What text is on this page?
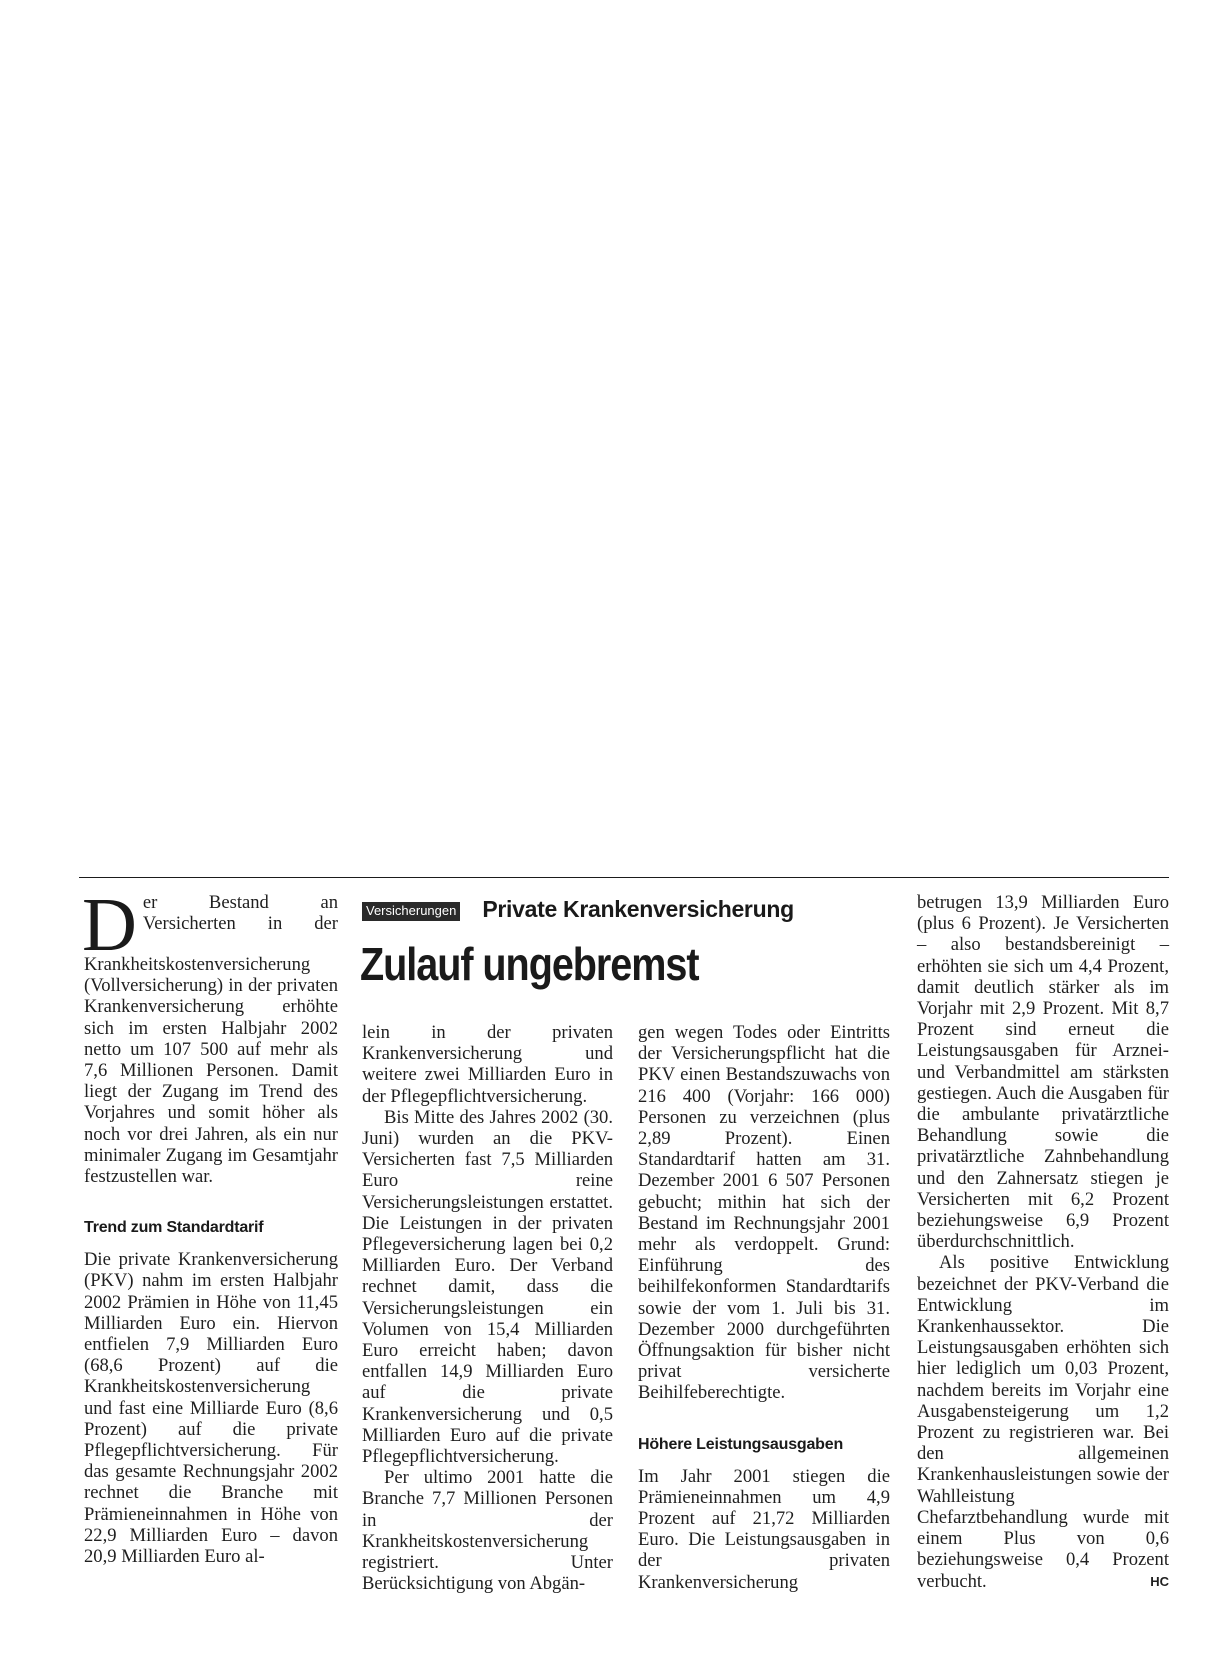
Versicherungen Private Krankenversicherung
Zulauf ungebremst

Der Bestand an Versicherten in der Krankheitskostenversicherung (Vollversicherung) in der privaten Krankenversicherung erhöhte sich im ersten Halbjahr 2002 netto um 107 500 auf mehr als 7,6 Millionen Personen. Damit liegt der Zugang im Trend des Vorjahres und somit höher als noch vor drei Jahren, als ein nur minimaler Zugang im Gesamtjahr festzustellen war.

Trend zum Standardtarif

Die private Krankenversicherung (PKV) nahm im ersten Halbjahr 2002 Prämien in Höhe von 11,45 Milliarden Euro ein. Hiervon entfielen 7,9 Milliarden Euro (68,6 Prozent) auf die Krankheitskostenversicherung und fast eine Milliarde Euro (8,6 Prozent) auf die private Pflegepflichtversicherung. Für das gesamte Rechnungsjahr 2002 rechnet die Branche mit Prämieneinnahmen in Höhe von 22,9 Milliarden Euro – davon 20,9 Milliarden Euro al-

lein in der privaten Krankenversicherung und weitere zwei Milliarden Euro in der Pflegepflichtversicherung.

Bis Mitte des Jahres 2002 (30. Juni) wurden an die PKV-Versicherten fast 7,5 Milliarden Euro reine Versicherungsleistungen erstattet. Die Leistungen in der privaten Pflegeversicherung lagen bei 0,2 Milliarden Euro. Der Verband rechnet damit, dass die Versicherungsleistungen ein Volumen von 15,4 Milliarden Euro erreicht haben; davon entfallen 14,9 Milliarden Euro auf die private Krankenversicherung und 0,5 Milliarden Euro auf die private Pflegepflichtversicherung.

Per ultimo 2001 hatte die Branche 7,7 Millionen Personen in der Krankheitskostenversicherung registriert. Unter Berücksichtigung von Abgän-

gen wegen Todes oder Eintritts der Versicherungspflicht hat die PKV einen Bestandszuwachs von 216 400 (Vorjahr: 166 000) Personen zu verzeichnen (plus 2,89 Prozent). Einen Standardtarif hatten am 31. Dezember 2001 6 507 Personen gebucht; mithin hat sich der Bestand im Rechnungsjahr 2001 mehr als verdoppelt. Grund: Einführung des beihilfekonformen Standardtarifs sowie der vom 1. Juli bis 31. Dezember 2000 durchgeführten Öffnungsaktion für bisher nicht privat versicherte Beihilfeberechtigte.

Höhere Leistungsausgaben

Im Jahr 2001 stiegen die Prämieneinnahmen um 4,9 Prozent auf 21,72 Milliarden Euro. Die Leistungsausgaben in der privaten Krankenversicherung

betrugen 13,9 Milliarden Euro (plus 6 Prozent). Je Versicherten – also bestandsbereinigt – erhöhten sie sich um 4,4 Prozent, damit deutlich stärker als im Vorjahr mit 2,9 Prozent. Mit 8,7 Prozent sind erneut die Leistungsausgaben für Arznei- und Verbandmittel am stärksten gestiegen. Auch die Ausgaben für die ambulante privatärztliche Behandlung sowie die privatärztliche Zahnbehandlung und den Zahnersatz stiegen je Versicherten mit 6,2 Prozent beziehungsweise 6,9 Prozent überdurchschnittlich.

Als positive Entwicklung bezeichnet der PKV-Verband die Entwicklung im Krankenhaussektor. Die Leistungsausgaben erhöhten sich hier lediglich um 0,03 Prozent, nachdem bereits im Vorjahr eine Ausgabensteigerung um 1,2 Prozent zu registrieren war. Bei den allgemeinen Krankenhausleistungen sowie der Wahlleistung Chefarztbehandlung wurde mit einem Plus von 0,6 beziehungsweise 0,4 Prozent verbucht.	HC
